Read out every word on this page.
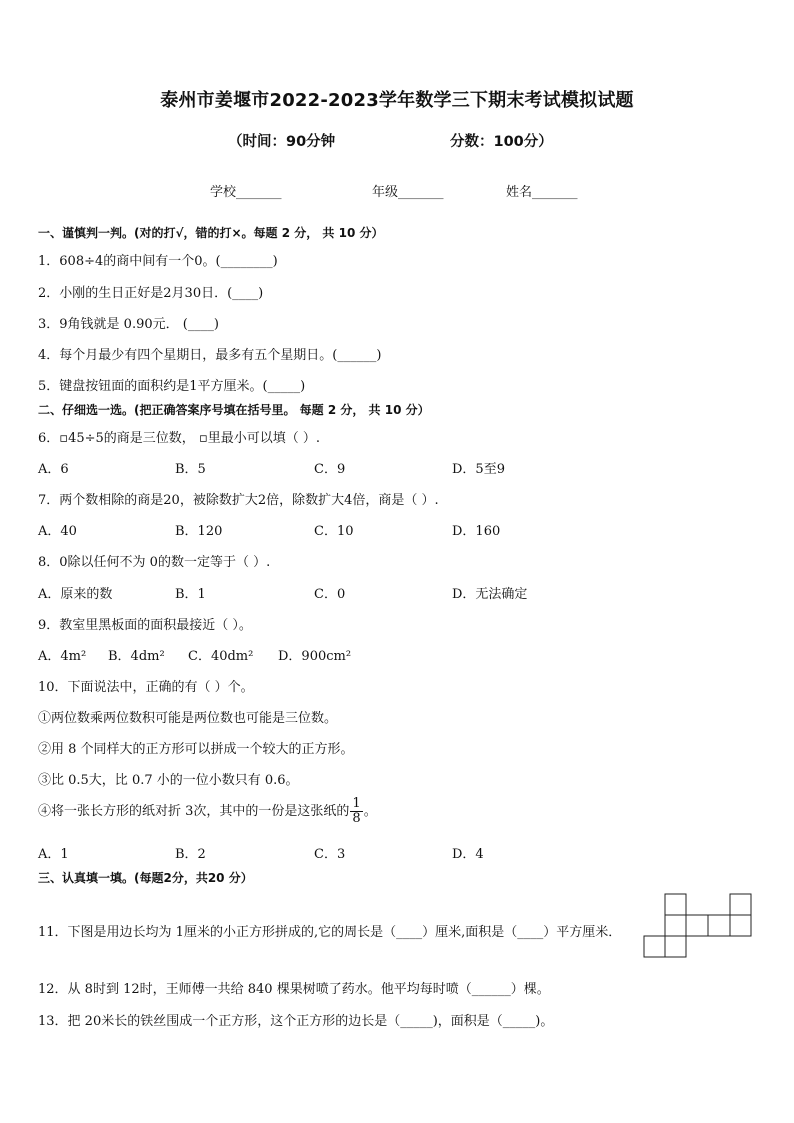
泰州市姜堰市2022-2023学年数学三下期末考试模拟试题
（时间：90分钟	分数：100分）
学校_______	年级_______	姓名_______
一、谨慎判一判。(对的打√，错的打×。每题 2 分， 共 10 分）
1．608÷4的商中间有一个0。(________)
2．小刚的生日正好是2月30日．(____)
3．9角钱就是 0.90元． (____)
4．每个月最少有四个星期日，最多有五个星期日。(______)
5．键盘按钮面的面积约是1平方厘米。(_____)
二、仔细选一选。(把正确答案序号填在括号里。 每题 2 分， 共 10 分）
6．▫45÷5的商是三位数， ▫里最小可以填（ ）.
A．6	B．5	C．9	D．5至9
7．两个数相除的商是20，被除数扩大2倍，除数扩大4倍，商是（ ）.
A．40	B．120	C．10	D．160
8．0除以任何不为 0的数一定等于（ ）.
A．原来的数	B．1	C．0	D．无法确定
9．教室里黑板面的面积最接近（ ）。
A．4m² B．4dm² C．40dm² D．900cm²
10．下面说法中，正确的有（ ）个。
①两位数乘两位数积可能是两位数也可能是三位数。
②用 8 个同样大的正方形可以拼成一个较大的正方形。
③比 0.5大，比 0.7 小的一位小数只有 0.6。
④将一张长方形的纸对折 3次，其中的一份是这张纸的 $\frac{1}{8}$ 。
A．1	B．2	C．3	D．4
三、认真填一填。(每题2分，共20 分）
11．下图是用边长均为 1厘米的小正方形拼成的,它的周长是（____）厘米,面积是（____）平方厘米．
12．从 8时到 12时，王师傅一共给 840 棵果树喷了药水。他平均每时喷（______）棵。
13．把 20米长的铁丝围成一个正方形，这个正方形的边长是（_____)，面积是（_____)。
